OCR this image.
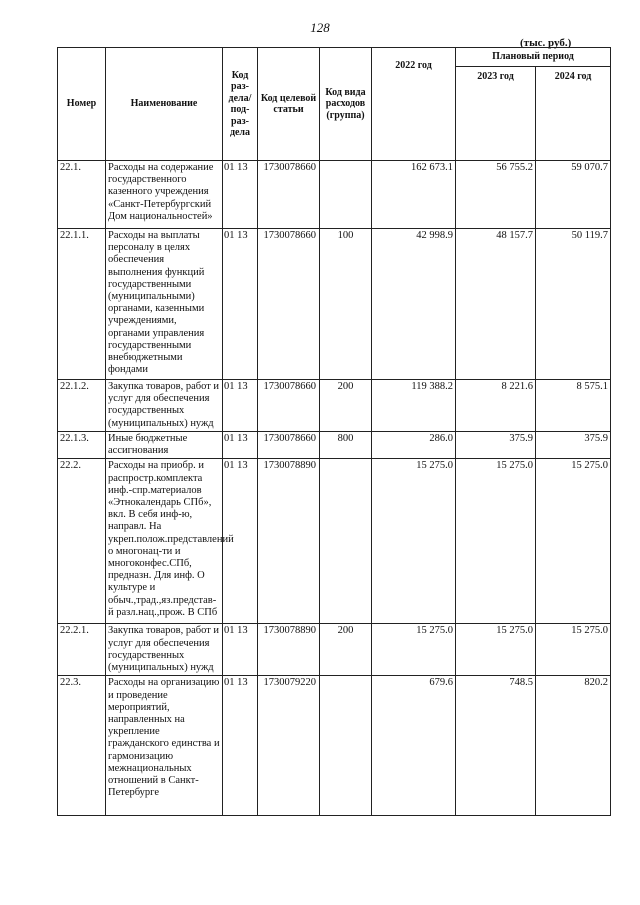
128
(тыс. руб.)
Номер	Наименование	Код раз-дела/ под-раз-дела	Код целевой статьи	Код вида расходов (группа)	2022 год	Плановый период	
						2023 год	2024 год
22.1.	Расходы на содержание государственного казенного учреждения «Санкт-Петербургский Дом национальностей»	01 13	1730078660		162 673.1	56 755.2	59 070.7
22.1.1.	Расходы на выплаты персоналу в целях обеспечения выполнения функций государственными (муниципальными) органами, казенными учреждениями, органами управления государственными внебюджетными фондами	01 13	1730078660	100	42 998.9	48 157.7	50 119.7
22.1.2.	Закупка товаров, работ и услуг для обеспечения государственных (муниципальных) нужд	01 13	1730078660	200	119 388.2	8 221.6	8 575.1
22.1.3.	Иные бюджетные ассигнования	01 13	1730078660	800	286.0	375.9	375.9
22.2.	Расходы на приобр. и распростр.комплекта инф.-спр.материалов «Этнокалендарь СПб», вкл. В себя инф-ю, направл. На укреп.полож.представлений о многонац-ти и многоконфес.СПб, предназн. Для инф. О культуре и обыч.,трад.,яз.представ-й разл.нац.,прож. В СПб	01 13	1730078890		15 275.0	15 275.0	15 275.0
22.2.1.	Закупка товаров, работ и услуг для обеспечения государственных (муниципальных) нужд	01 13	1730078890	200	15 275.0	15 275.0	15 275.0
22.3.	Расходы на организацию и проведение мероприятий, направленных на укрепление гражданского единства и гармонизацию межнациональных отношений в Санкт-Петербурге	01 13	1730079220		679.6	748.5	820.2
